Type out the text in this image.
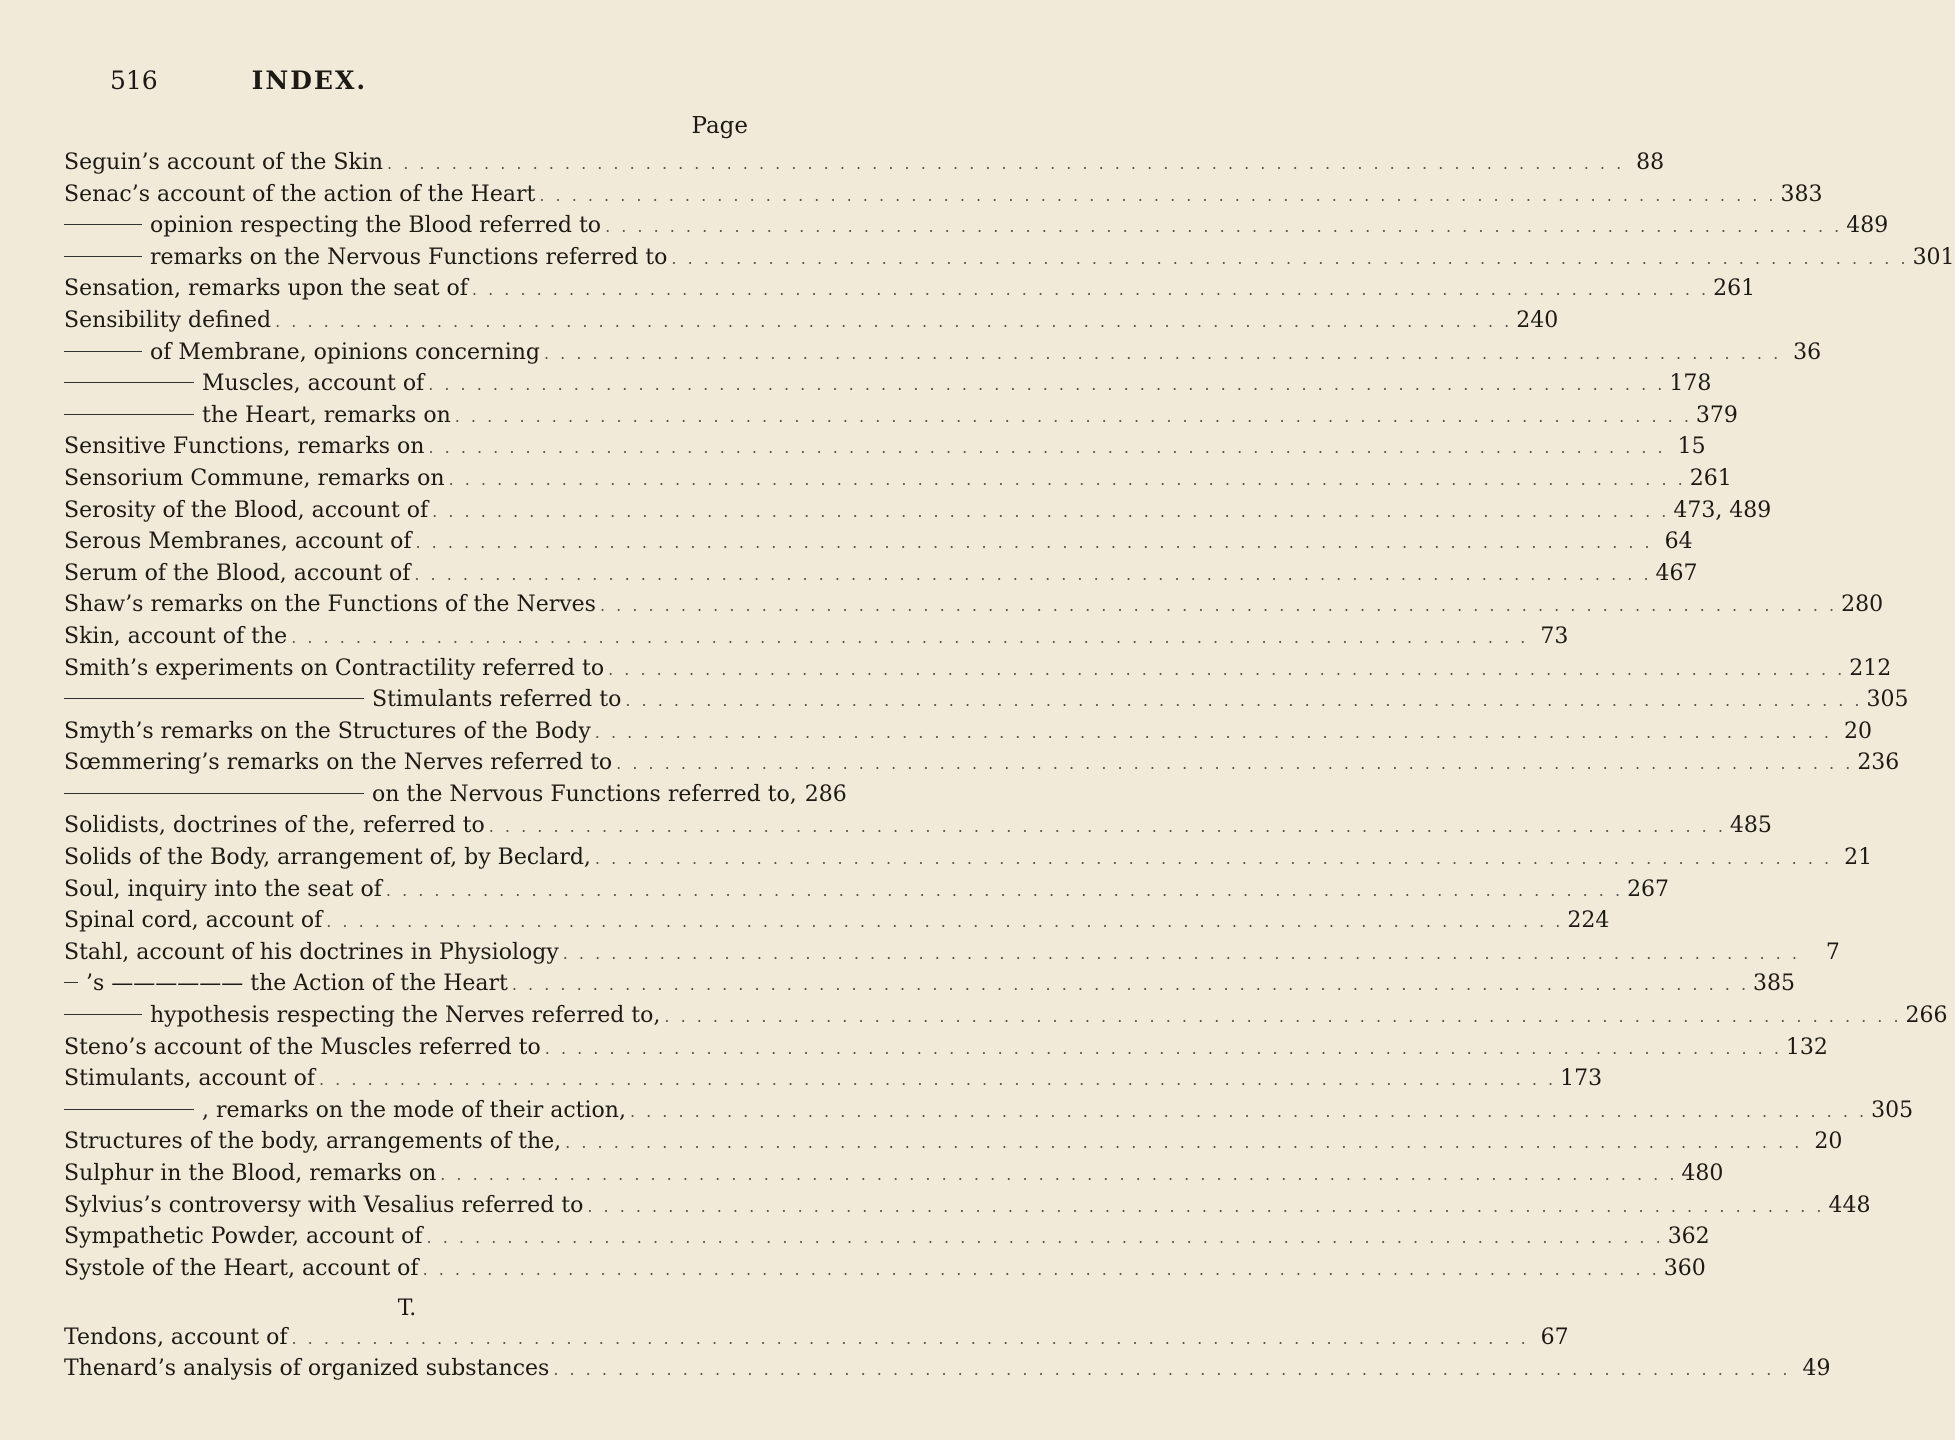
516	INDEX.
Page
Seguin’s account of the Skin . . .	88
Senac’s account of the action of the Heart . . .	383
opinion respecting the Blood referred to . . .	489
remarks on the Nervous Functions referred to . . .	301
Sensation, remarks upon the seat of . . .	261
Sensibility defined . . .	240
of Membrane, opinions concerning . . .	36
Muscles, account of . . .	178
the Heart, remarks on . . .	379
Sensitive Functions, remarks on . . .	15
Sensorium Commune, remarks on . . .	261
Serosity of the Blood, account of . . .	473, 489
Serous Membranes, account of . . .	64
Serum of the Blood, account of . . .	467
Shaw’s remarks on the Functions of the Nerves . . .	280
Skin, account of the . . .	73
Smith’s experiments on Contractility referred to . . .	212
Stimulants referred to . . .	305
Smyth’s remarks on the Structures of the Body . . .	20
Sœmmering’s remarks on the Nerves referred to . . .	236
on the Nervous Functions referred to, 286
Solidists, doctrines of the, referred to . . .	485
Solids of the Body, arrangement of, by Beclard, . . .	21
Soul, inquiry into the seat of . . .	267
Spinal cord, account of . . .	224
Stahl, account of his doctrines in Physiology . . .	7
’s —————— the Action of the Heart . . .	385
hypothesis respecting the Nerves referred to, . . .	266
Steno’s account of the Muscles referred to . . .	132
Stimulants, account of . . .	173
, remarks on the mode of their action, . . .	305
Structures of the body, arrangements of the, . . .	20
Sulphur in the Blood, remarks on . . .	480
Sylvius’s controversy with Vesalius referred to . . .	448
Sympathetic Powder, account of . . .	362
Systole of the Heart, account of . . .	360
T.
Tendons, account of . . .	67
Thenard’s analysis of organized substances . . .	49
